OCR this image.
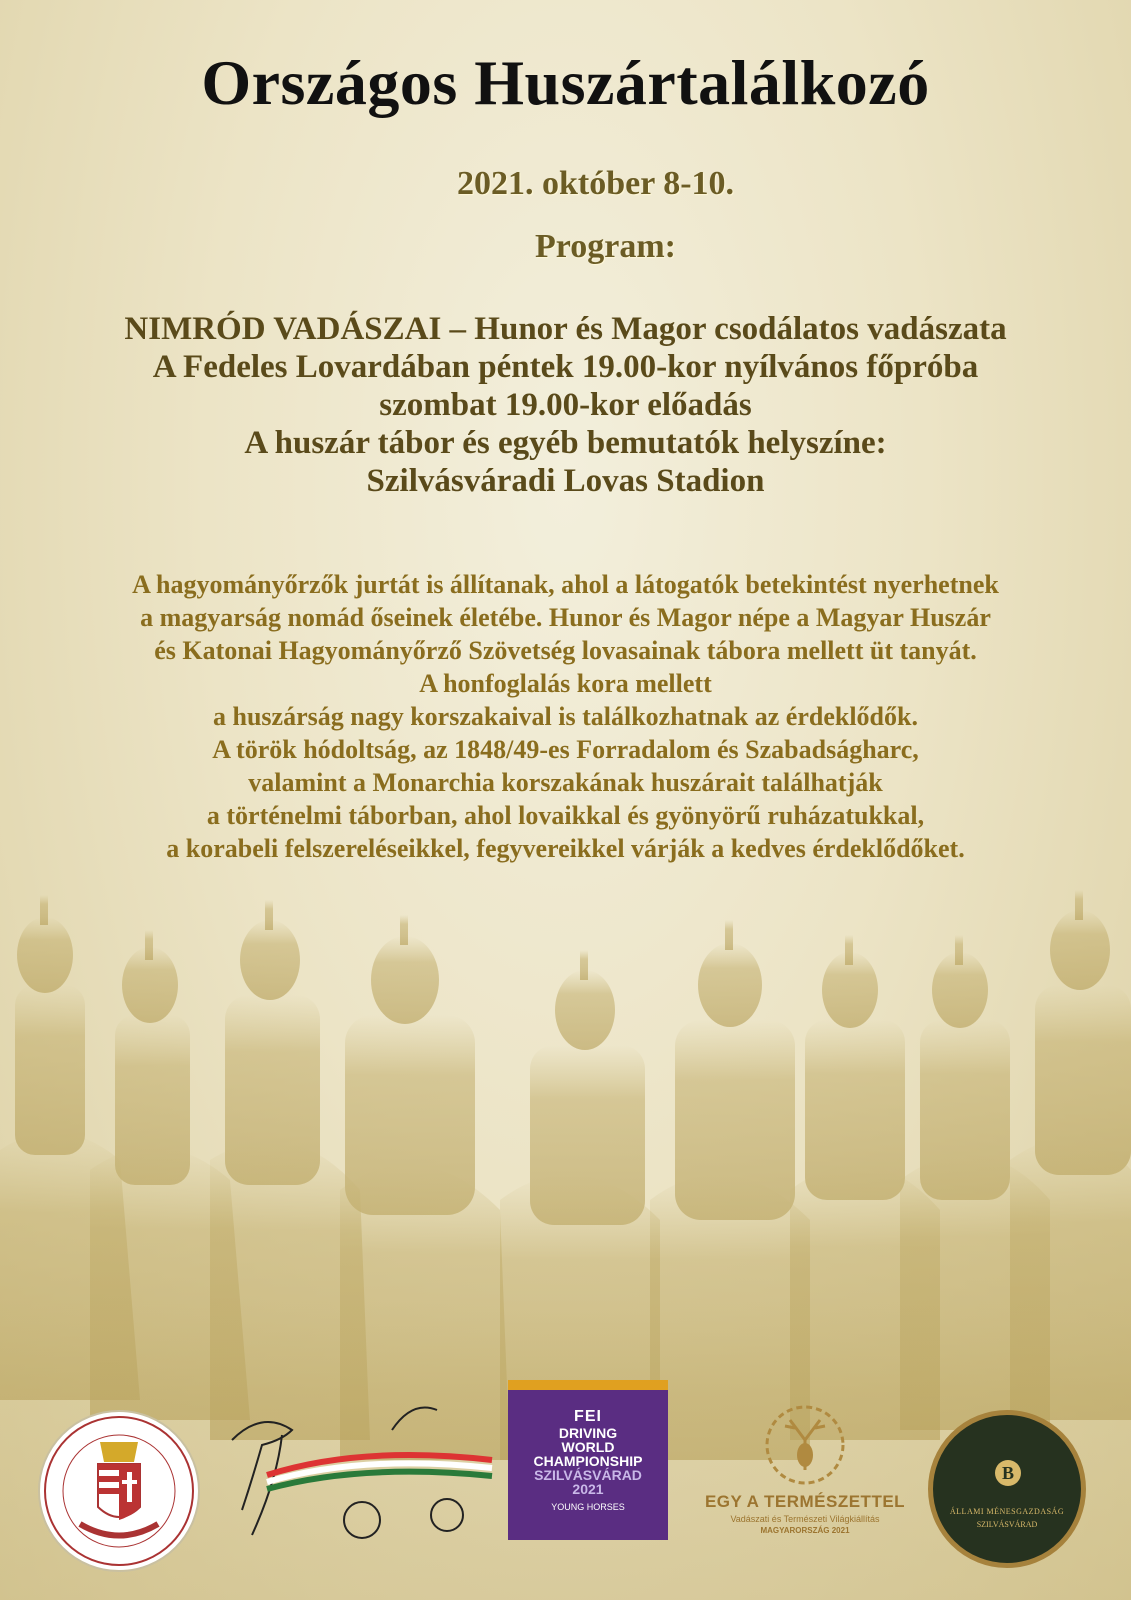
Országos Huszártalálkozó
2021. október 8-10.
Program:
NIMRÓD VADÁSZAI – Hunor és Magor csodálatos vadászata
A Fedeles Lovardában péntek 19.00-kor nyílvános főpróba
szombat 19.00-kor előadás
A huszár tábor és egyéb bemutatók helyszíne:
Szilvásváradi Lovas Stadion
A hagyományőrzők jurtát is állítanak, ahol a látogatók betekintést nyerhetnek
a magyarság nomád őseinek életébe. Hunor és Magor népe a Magyar Huszár
és Katonai Hagyományőrző Szövetség lovasainak tábora mellett üt tanyát.
A honfoglalás kora mellett
a huszárság nagy korszakaival is találkozhatnak az érdeklődők.
A török hódoltság, az 1848/49-es Forradalom és Szabadságharc,
valamint a Monarchia korszakának huszárait találhatják
a történelmi táborban, ahol lovaikkal és gyönyörű ruházatukkal,
a korabeli felszereléseikkel, fegyvereikkel várják a kedves érdeklődőket.
FEI
DRIVING
WORLD
CHAMPIONSHIP
SZILVÁSVÁRAD
2021
YOUNG HORSES	EGY A TERMÉSZETTEL
Vadászati és Természeti Világkiállítás
MAGYARORSZÁG 2021
B
ÁLLAMI MÉNESGAZDASÁG
SZILVÁSVÁRAD
